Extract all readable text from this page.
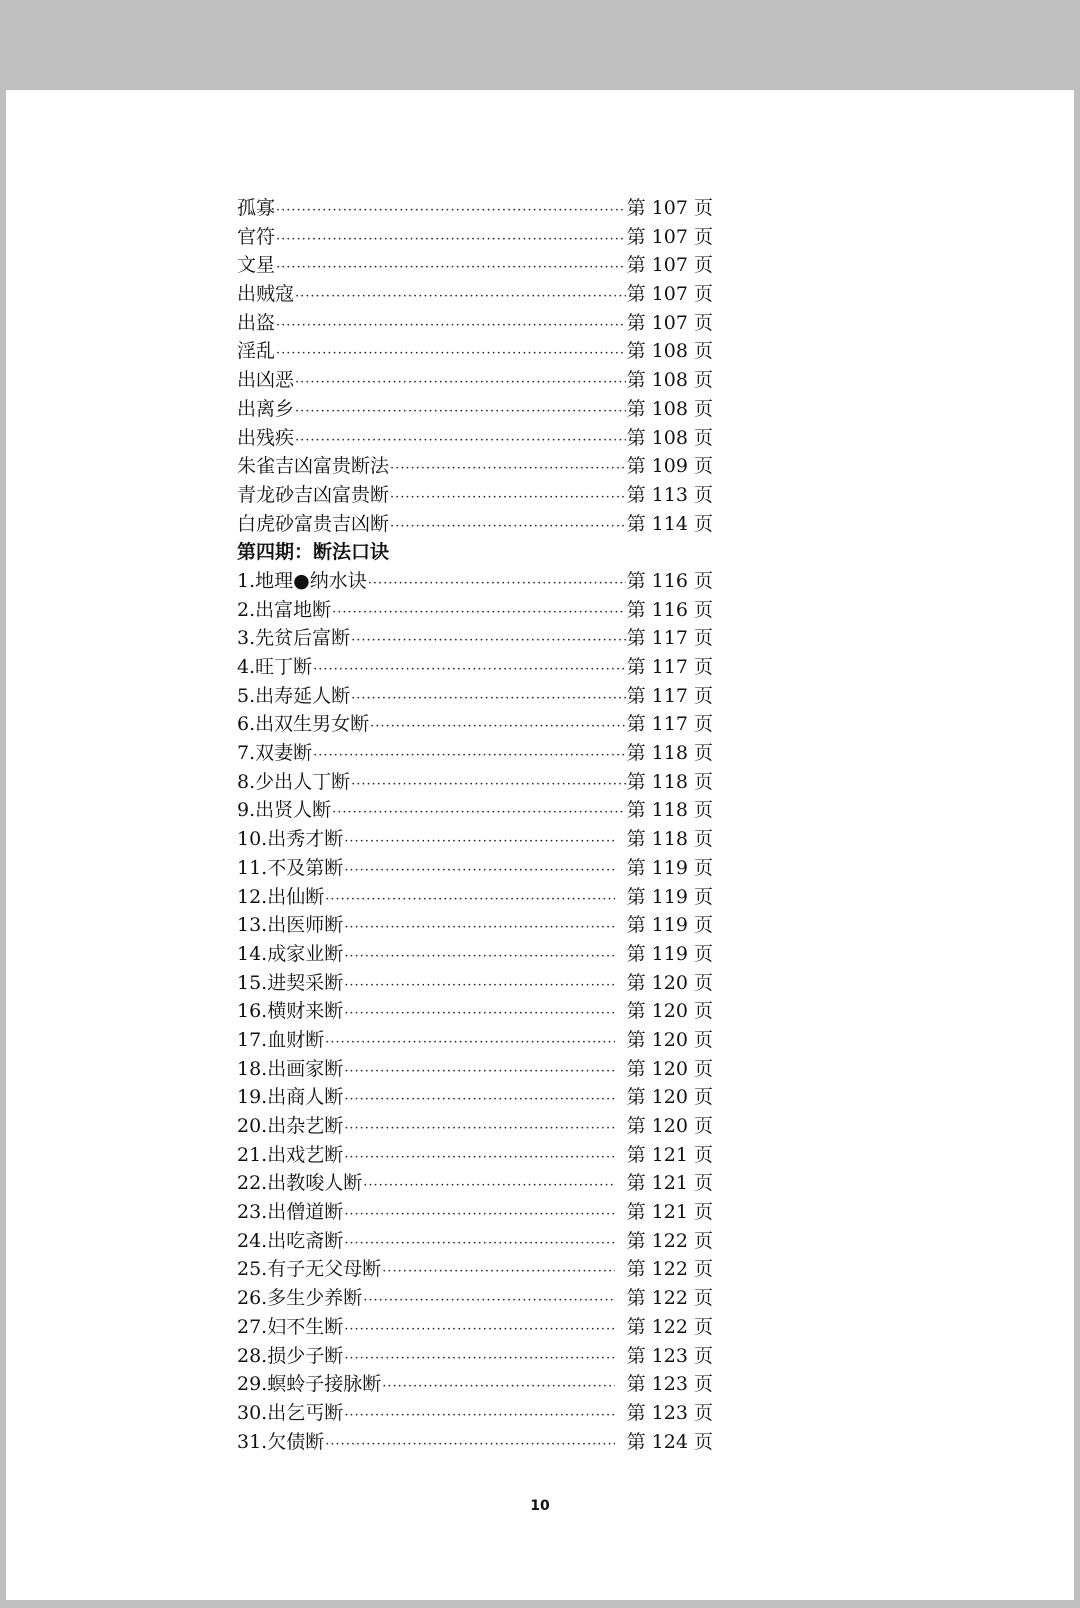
孤寡 ·····	第 107 页
官符 ·····	第 107 页
文星 ·····	第 107 页
出贼寇 ·····	第 107 页
出盗 ·····	第 107 页
淫乱 ·····	第 108 页
出凶恶 ·····	第 108 页
出离乡 ·····	第 108 页
出残疾 ·····	第 108 页
朱雀吉凶富贵断法 ·····	第 109 页
青龙砂吉凶富贵断 ·····	第 113 页
白虎砂富贵吉凶断 ·····	第 114 页
第四期：断法口诀
1.地理●纳水诀 ·····	第 116 页
2.出富地断 ·····	第 116 页
3.先贫后富断 ·····	第 117 页
4.旺丁断 ·····	第 117 页
5.出寿延人断 ·····	第 117 页
6.出双生男女断 ·····	第 117 页
7.双妻断 ·····	第 118 页
8.少出人丁断 ·····	第 118 页
9.出贤人断 ·····	第 118 页
10.出秀才断 ·····	第 118 页
11.不及第断 ·····	第 119 页
12.出仙断 ·····	第 119 页
13.出医师断 ·····	第 119 页
14.成家业断 ·····	第 119 页
15.进契采断 ·····	第 120 页
16.横财来断 ·····	第 120 页
17.血财断 ·····	第 120 页
18.出画家断 ·····	第 120 页
19.出商人断 ·····	第 120 页
20.出杂艺断 ·····	第 120 页
21.出戏艺断 ·····	第 121 页
22.出教唆人断 ·····	第 121 页
23.出僧道断 ·····	第 121 页
24.出吃斋断 ·····	第 122 页
25.有子无父母断 ·····	第 122 页
26.多生少养断 ·····	第 122 页
27.妇不生断 ·····	第 122 页
28.损少子断 ·····	第 123 页
29.螟蛉子接脉断 ·····	第 123 页
30.出乞丐断 ·····	第 123 页
31.欠债断 ·····	第 124 页
10
